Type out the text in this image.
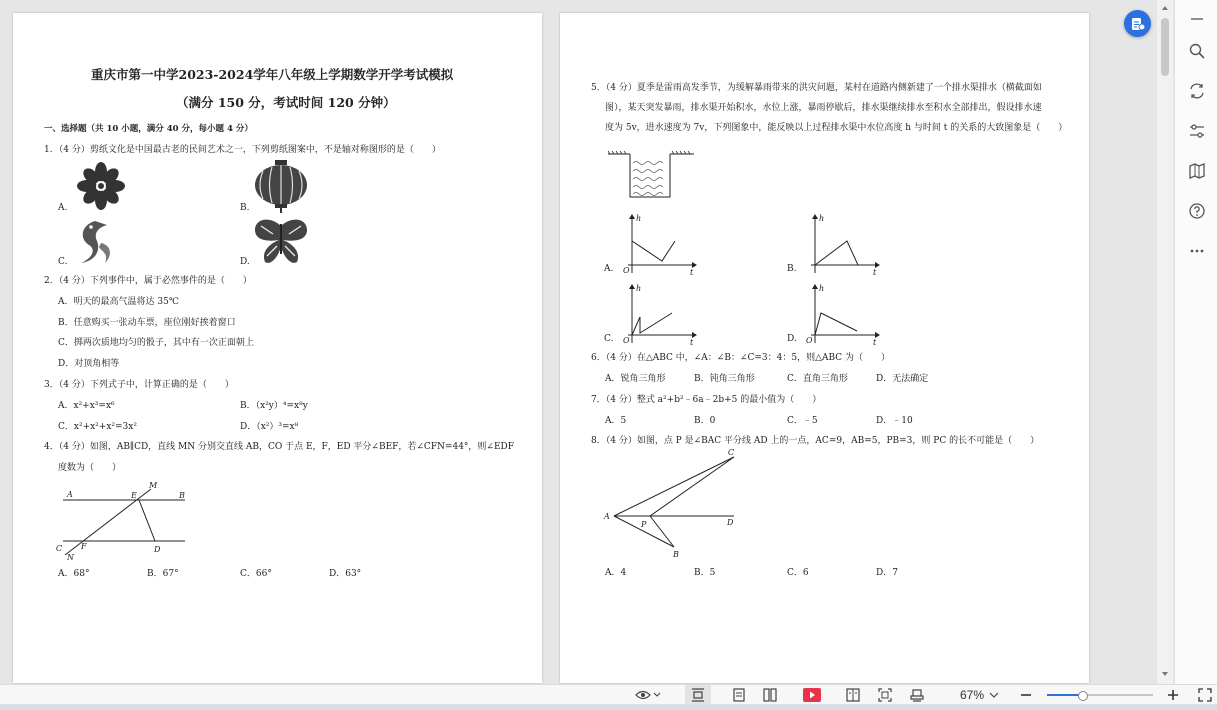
重庆市第一中学2023-2024学年八年级上学期数学开学考试模拟
（满分 150 分，考试时间 120 分钟）
一、选择题（共 10 小题，满分 40 分，每小题 4 分）
1．（4 分）剪纸文化是中国最古老的民间艺术之一，下列剪纸图案中，不是轴对称图形的是（　　）
A.	B.
C.	D.
2．（4 分）下列事件中，属于必然事件的是（　　）
A．明天的最高气温将达 35℃
B．任意购买一张动车票，座位刚好挨着窗口
C．掷两次质地均匀的骰子，其中有一次正面朝上
D．对顶角相等
3．（4 分）下列式子中，计算正确的是（　　）
A．x²+x³=x⁶	B．（x²y）⁴=x⁸y
C．x²+x²+x²=3x²	D．（x²）³=x⁸
4．（4 分）如图，AB∥CD，直线 MN 分别交直线 AB，CO 于点 E，F，ED 平分∠BEF，若∠CFN=44°，则∠EDF
度数为（　　）
A	E
M
B
C F	D
N
A．68°	B．67°	C．66°	D．63°
5．（4 分）夏季是雷雨高发季节，为缓解暴雨带来的洪灾问题，某村在道路内侧新建了一个排水渠排水（横截面如
图），某天突发暴雨，排水渠开始积水，水位上涨，暴雨停歇后，排水渠继续排水至积水全部排出，假设排水速
度为 5v，进水速度为 7v，下列图象中，能反映以上过程排水渠中水位高度 h 与时间 t 的关系的大致图象是（　　）
h
O	t
A.
h
t
B.
h
O	t
C.
h
O	t
D.
6．（4 分）在△ABC 中，∠A：∠B：∠C=3：4：5，则△ABC 为（　　）
A．锐角三角形	B．钝角三角形	C．直角三角形	D．无法确定
7．（4 分）整式 a²+b²﹣6a﹣2b+5 的最小值为（　　）
A．5	B．0	C．﹣5	D．﹣10
8．（4 分）如图，点 P 是∠BAC 平分线 AD 上的一点，AC=9，AB=5，PB=3，则 PC 的长不可能是（　　）
A
P
C
D
B
A．4	B．5	C．6	D．7
67%
